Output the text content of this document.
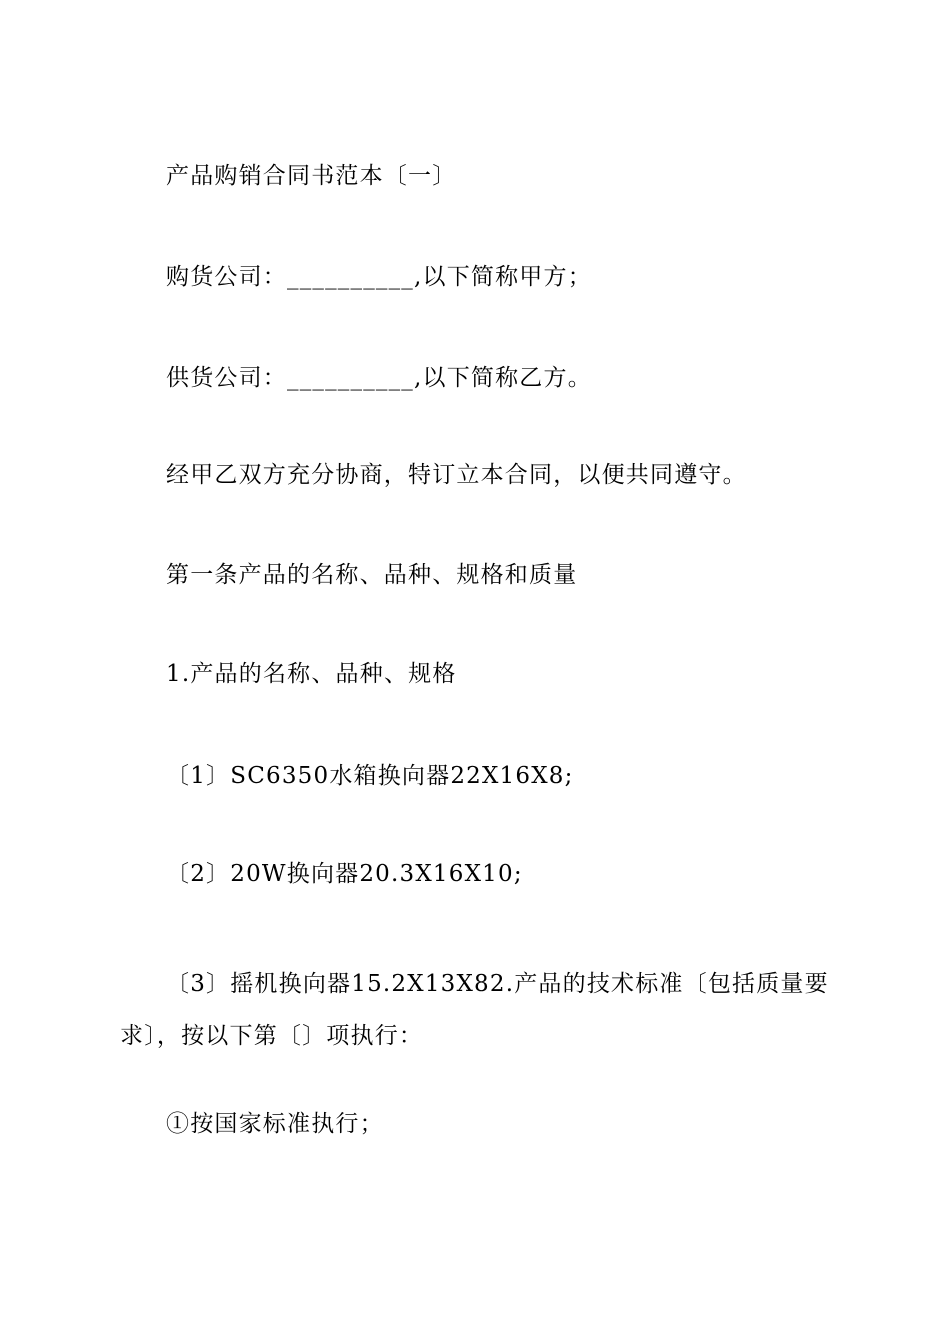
产品购销合同书范本〔一〕
购货公司：__________,以下简称甲方；
供货公司：__________,以下简称乙方。
经甲乙双方充分协商，特订立本合同，以便共同遵守。
第一条产品的名称、品种、规格和质量
1.产品的名称、品种、规格
〔1〕SC6350水箱换向器22X16X8;
〔2〕20W换向器20.3X16X10;
〔3〕摇机换向器15.2X13X82.产品的技术标准〔包括质量要求〕，按以下第〔〕项执行：
①按国家标准执行；
